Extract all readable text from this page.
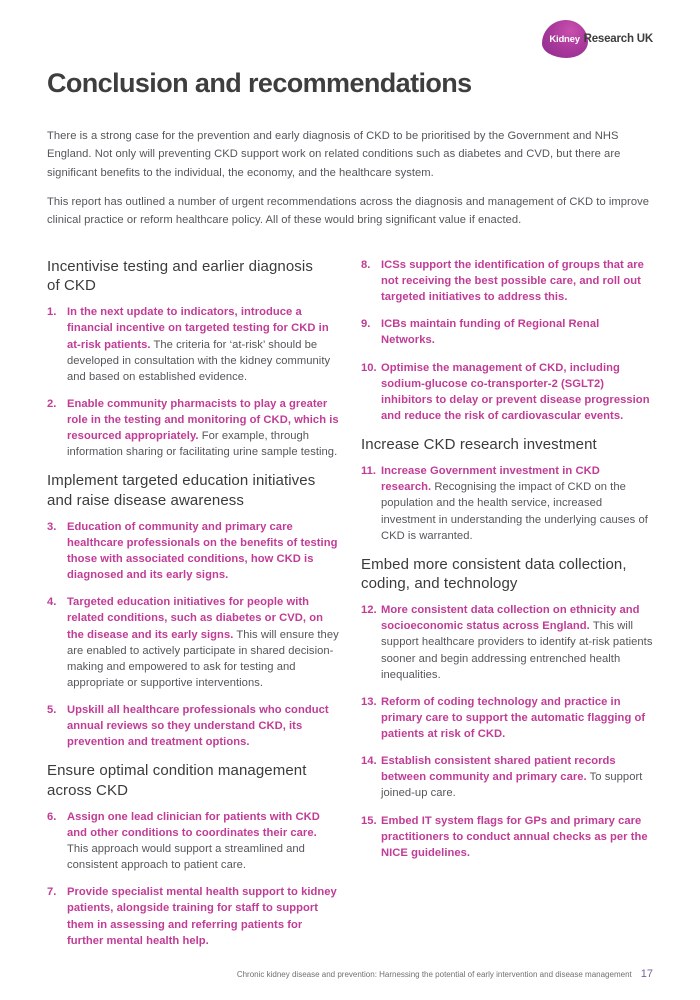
Kidney Research UK
Conclusion and recommendations

There is a strong case for the prevention and early diagnosis of CKD to be prioritised by the Government and NHS England. Not only will preventing CKD support work on related conditions such as diabetes and CVD, but there are significant benefits to the individual, the economy, and the healthcare system.

This report has outlined a number of urgent recommendations across the diagnosis and management of CKD to improve clinical practice or reform healthcare policy. All of these would bring significant value if enacted.

Incentivise testing and earlier diagnosis of CKD
1. In the next update to indicators, introduce a financial incentive on targeted testing for CKD in at-risk patients. The criteria for ‘at-risk’ should be developed in consultation with the kidney community and based on established evidence.
2. Enable community pharmacists to play a greater role in the testing and monitoring of CKD, which is resourced appropriately. For example, through information sharing or facilitating urine sample testing.
Implement targeted education initiatives and raise disease awareness
3. Education of community and primary care healthcare professionals on the benefits of testing those with associated conditions, how CKD is diagnosed and its early signs.
4. Targeted education initiatives for people with related conditions, such as diabetes or CVD, on the disease and its early signs. This will ensure they are enabled to actively participate in shared decision-making and empowered to ask for testing and appropriate or supportive interventions.
5. Upskill all healthcare professionals who conduct annual reviews so they understand CKD, its prevention and treatment options.
Ensure optimal condition management across CKD
6. Assign one lead clinician for patients with CKD and other conditions to coordinates their care. This approach would support a streamlined and consistent approach to patient care.
7. Provide specialist mental health support to kidney patients, alongside training for staff to support them in assessing and referring patients for further mental health help.
8. ICSs support the identification of groups that are not receiving the best possible care, and roll out targeted initiatives to address this.
9. ICBs maintain funding of Regional Renal Networks.
10. Optimise the management of CKD, including sodium-glucose co-transporter-2 (SGLT2) inhibitors to delay or prevent disease progression and reduce the risk of cardiovascular events.
Increase CKD research investment
11. Increase Government investment in CKD research. Recognising the impact of CKD on the population and the health service, increased investment in understanding the underlying causes of CKD is warranted.
Embed more consistent data collection, coding, and technology
12. More consistent data collection on ethnicity and socioeconomic status across England. This will support healthcare providers to identify at-risk patients sooner and begin addressing entrenched health inequalities.
13. Reform of coding technology and practice in primary care to support the automatic flagging of patients at risk of CKD.
14. Establish consistent shared patient records between community and primary care. To support joined-up care.
15. Embed IT system flags for GPs and primary care practitioners to conduct annual checks as per the NICE guidelines.
Chronic kidney disease and prevention: Harnessing the potential of early intervention and disease management 17
